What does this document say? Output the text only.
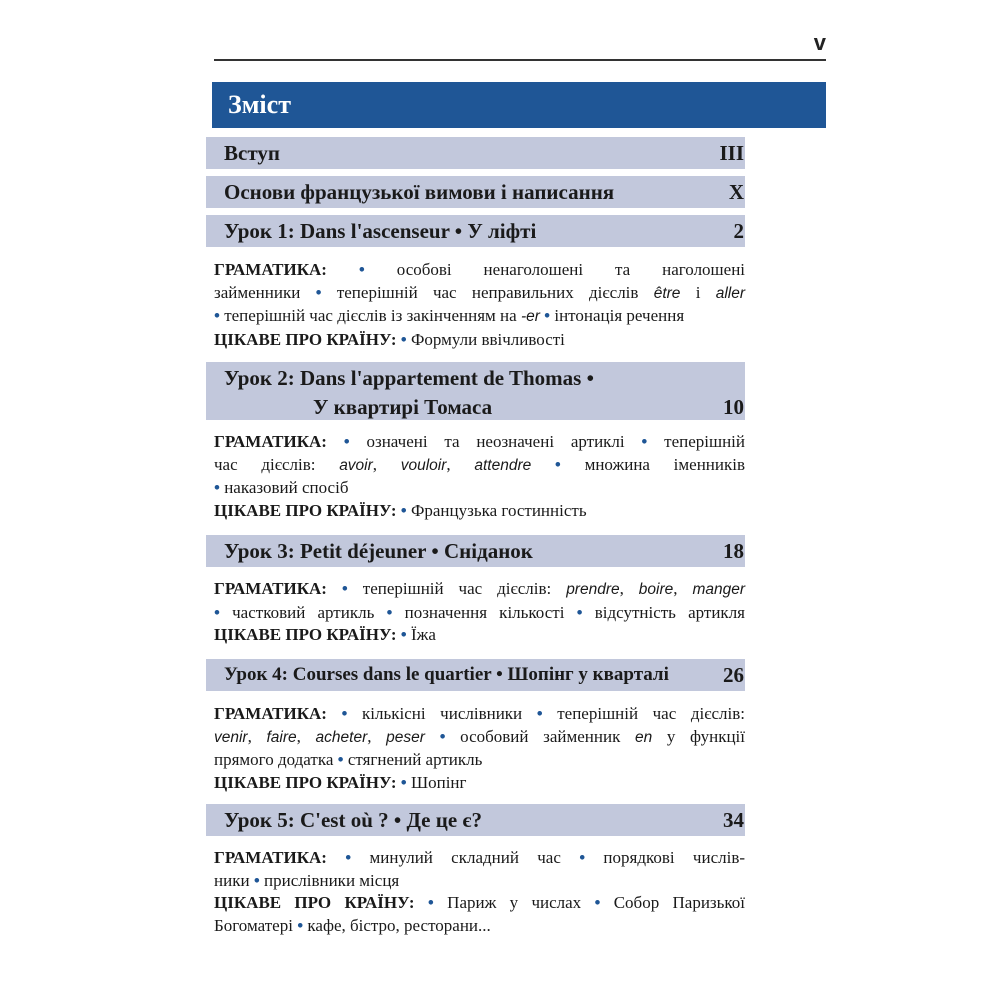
v
Зміст
Вступ	III
Основи французької вимови і написання	X
Урок 1: Dans l'ascenseur • У ліфті	2
ГРАМАТИКА: • особові ненаголошені та наголошені
займенники • теперішній час неправильних дієслів être і aller
• теперішній час дієслів із закінченням на -er • інтонація речення
ЦІКАВЕ ПРО КРАЇНУ: • Формули ввічливості
Урок 2: Dans l'appartement de Thomas •
У квартирі Томаса	10
ГРАМАТИКА: • означені та неозначені артиклі • теперішній
час дієслів: avoir, vouloir, attendre • множина іменників
• наказовий спосіб
ЦІКАВЕ ПРО КРАЇНУ: • Французька гостинність
Урок 3: Petit déjeuner • Сніданок	18
ГРАМАТИКА: • теперішній час дієслів: prendre, boire, manger
• частковий артикль • позначення кількості • відсутність артикля
ЦІКАВЕ ПРО КРАЇНУ: • Їжа
Урок 4: Courses dans le quartier • Шопінг у кварталі	26
ГРАМАТИКА: • кількісні числівники • теперішній час дієслів:
venir, faire, acheter, peser • особовий займенник en у функції
прямого додатка • стягнений артикль
ЦІКАВЕ ПРО КРАЇНУ: • Шопінг
Урок 5: C'est où ? • Де це є?	34
ГРАМАТИКА: • минулий складний час • порядкові числів-
ники • прислівники місця
ЦІКАВЕ ПРО КРАЇНУ: • Париж у числах • Собор Паризької
Богоматері • кафе, бістро, ресторани...
